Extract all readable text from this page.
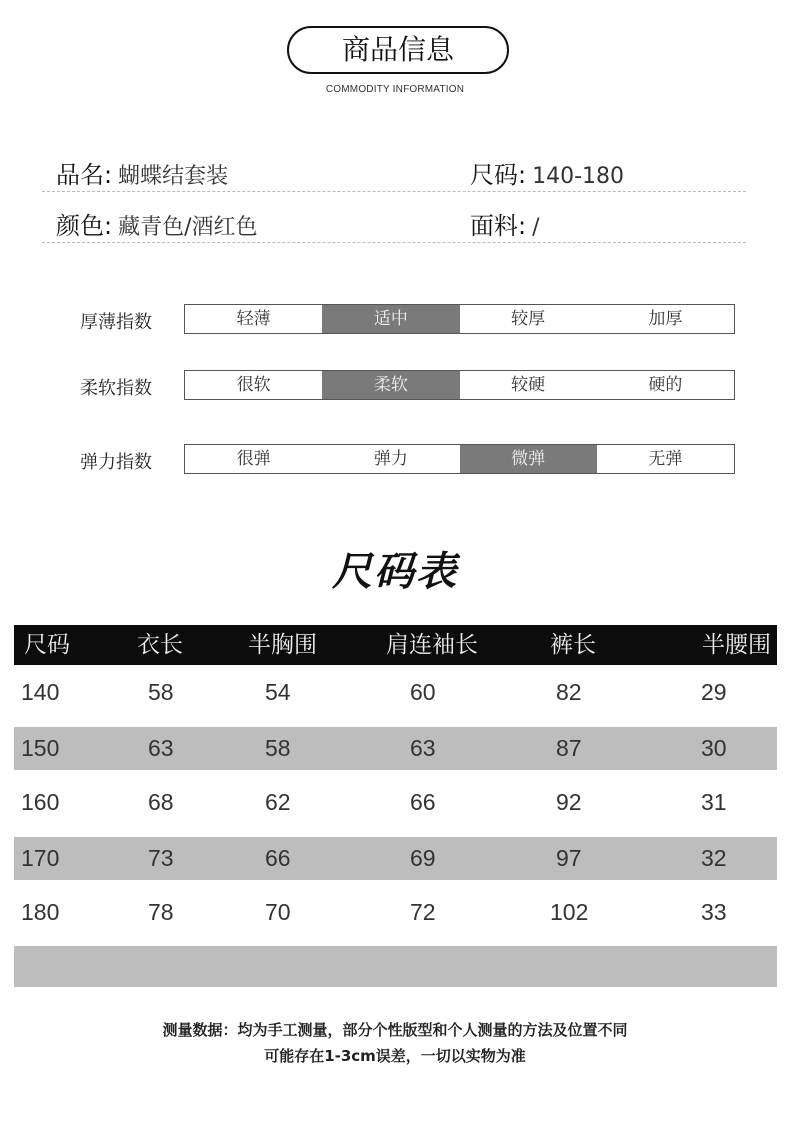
商品信息
COMMODITY INFORMATION
品名: 蝴蝶结套装	尺码: 140-180
颜色: 藏青色/酒红色	面料: /
厚薄指数	轻薄	适中	较厚	加厚
柔软指数	很软	柔软	较硬	硬的
弹力指数	很弹	弹力	微弹	无弹
尺码表
尺码	衣长	半胸围	肩连袖长	裤长	半腰围
140	58	54	60	82	29
150	63	58	63	87	30
160	68	62	66	92	31
170	73	66	69	97	32
180	78	70	72	102	33
测量数据：均为手工测量，部分个性版型和个人测量的方法及位置不同
可能存在1-3cm误差，一切以实物为准
